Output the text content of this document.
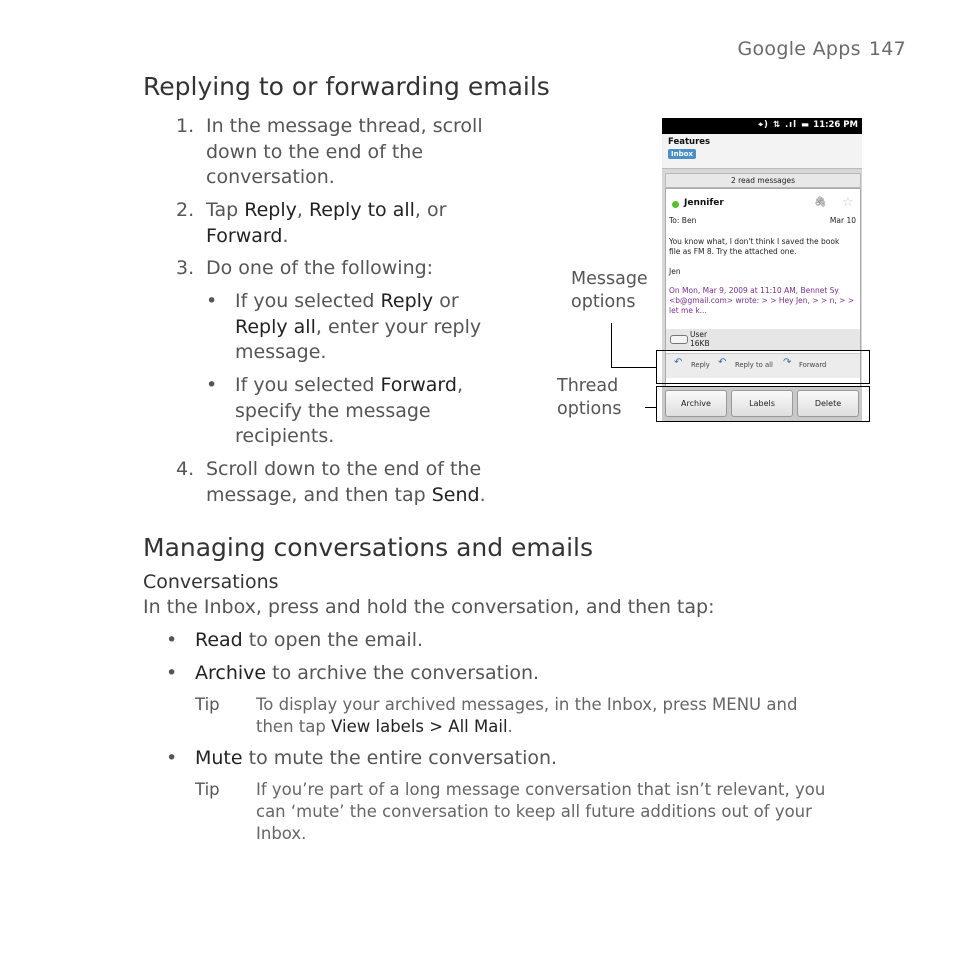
Google Apps 147
Replying to or forwarding emails
1. In the message thread, scroll
down to the end of the
conversation.
2. Tap Reply, Reply to all, or
Forward.
3. Do one of the following:
• If you selected Reply or
Reply all, enter your reply
message.
• If you selected Forward,
specify the message
recipients.
4. Scroll down to the end of the
message, and then tap Send.
Message
options
Thread
options
⌖) ⇅ .ıl ▬ 11:26 PM
Features
Inbox
2 read messages
Jennifer	🖇︎ ☆
To: Ben	Mar 10
You know what, I don't think I saved the book
file as FM 8. Try the attached one.
Jen
On Mon, Mar 9, 2009 at 11:10 AM, Bennet Sy
<b@gmail.com> wrote: > > Hey Jen, > > n, > >
let me k...
User
16KB
↶ Reply ↶ Reply to all ↷ Forward
Archive	Labels	Delete
Managing conversations and emails
Conversations
In the Inbox, press and hold the conversation, and then tap:
• Read to open the email.
• Archive to archive the conversation.
Tip To display your archived messages, in the Inbox, press MENU and
then tap View labels > All Mail.
• Mute to mute the entire conversation.
Tip If you’re part of a long message conversation that isn’t relevant, you
can ‘mute’ the conversation to keep all future additions out of your
Inbox.
